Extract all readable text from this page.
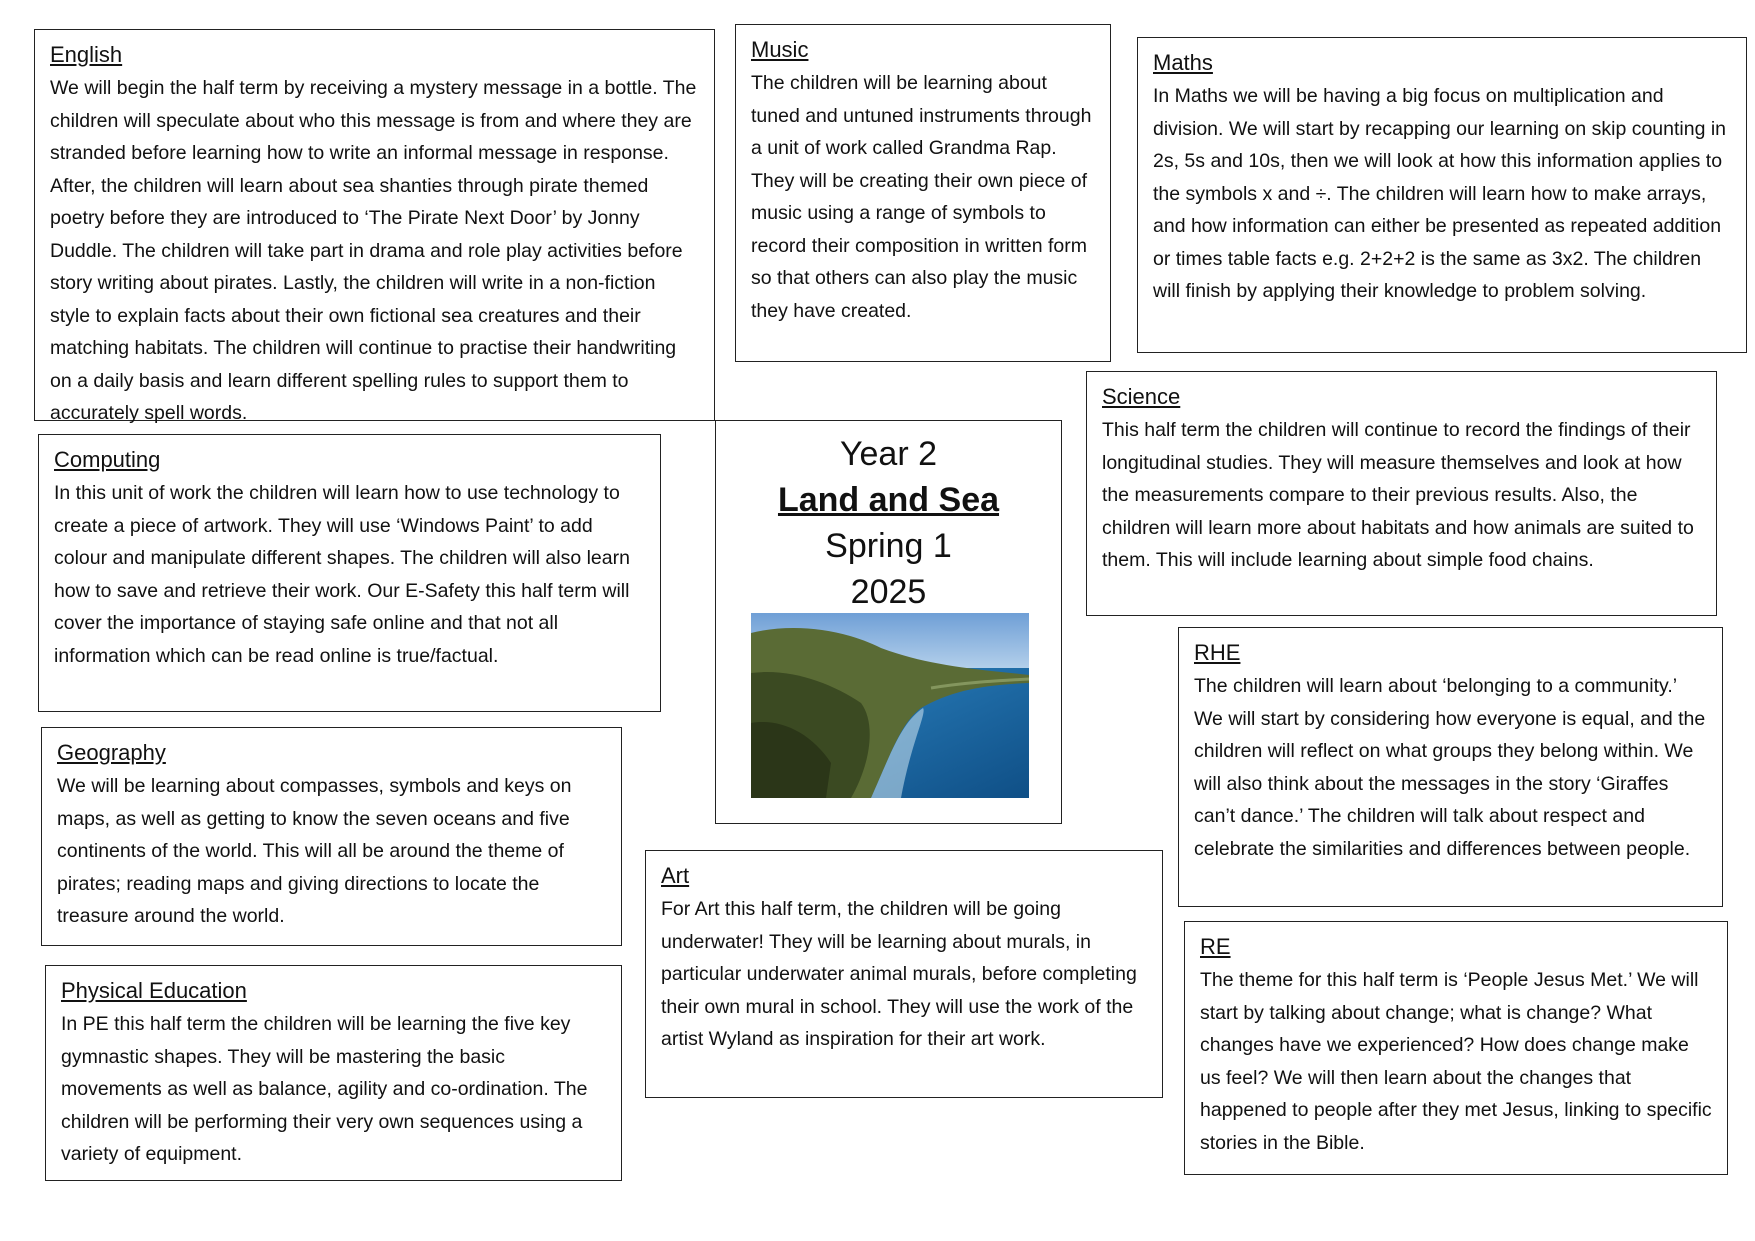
English

We will begin the half term by receiving a mystery message in a bottle. The children will speculate about who this message is from and where they are stranded before learning how to write an informal message in response. After, the children will learn about sea shanties through pirate themed poetry before they are introduced to ‘The Pirate Next Door’ by Jonny Duddle. The children will take part in drama and role play activities before story writing about pirates. Lastly, the children will write in a non-fiction style to explain facts about their own fictional sea creatures and their matching habitats. The children will continue to practise their handwriting on a daily basis and learn different spelling rules to support them to accurately spell words.

Music

The children will be learning about tuned and untuned instruments through a unit of work called Grandma Rap. They will be creating their own piece of music using a range of symbols to record their composition in written form so that others can also play the music they have created.

Maths

In Maths we will be having a big focus on multiplication and division. We will start by recapping our learning on skip counting in 2s, 5s and 10s, then we will look at how this information applies to the symbols x and ÷. The children will learn how to make arrays, and how information can either be presented as repeated addition or times table facts e.g. 2+2+2 is the same as 3x2. The children will finish by applying their knowledge to problem solving.

Computing

In this unit of work the children will learn how to use technology to create a piece of artwork. They will use ‘Windows Paint’ to add colour and manipulate different shapes. The children will also learn how to save and retrieve their work. Our E-Safety this half term will cover the importance of staying safe online and that not all information which can be read online is true/factual.

Year 2
Land and Sea
Spring 1
2025
Science

This half term the children will continue to record the findings of their longitudinal studies. They will measure themselves and look at how the measurements compare to their previous results. Also, the children will learn more about habitats and how animals are suited to them. This will include learning about simple food chains.

Geography

We will be learning about compasses, symbols and keys on maps, as well as getting to know the seven oceans and five continents of the world. This will all be around the theme of pirates; reading maps and giving directions to locate the treasure around the world.

RHE

The children will learn about ‘belonging to a community.’ We will start by considering how everyone is equal, and the children will reflect on what groups they belong within. We will also think about the messages in the story ‘Giraffes can’t dance.’ The children will talk about respect and celebrate the similarities and differences between people.

Art

For Art this half term, the children will be going underwater! They will be learning about murals, in particular underwater animal murals, before completing their own mural in school. They will use the work of the artist Wyland as inspiration for their art work.

Physical Education

In PE this half term the children will be learning the five key gymnastic shapes. They will be mastering the basic movements as well as balance, agility and co-ordination. The children will be performing their very own sequences using a variety of equipment.

RE

The theme for this half term is ‘People Jesus Met.’ We will start by talking about change; what is change? What changes have we experienced? How does change make us feel? We will then learn about the changes that happened to people after they met Jesus, linking to specific stories in the Bible.
